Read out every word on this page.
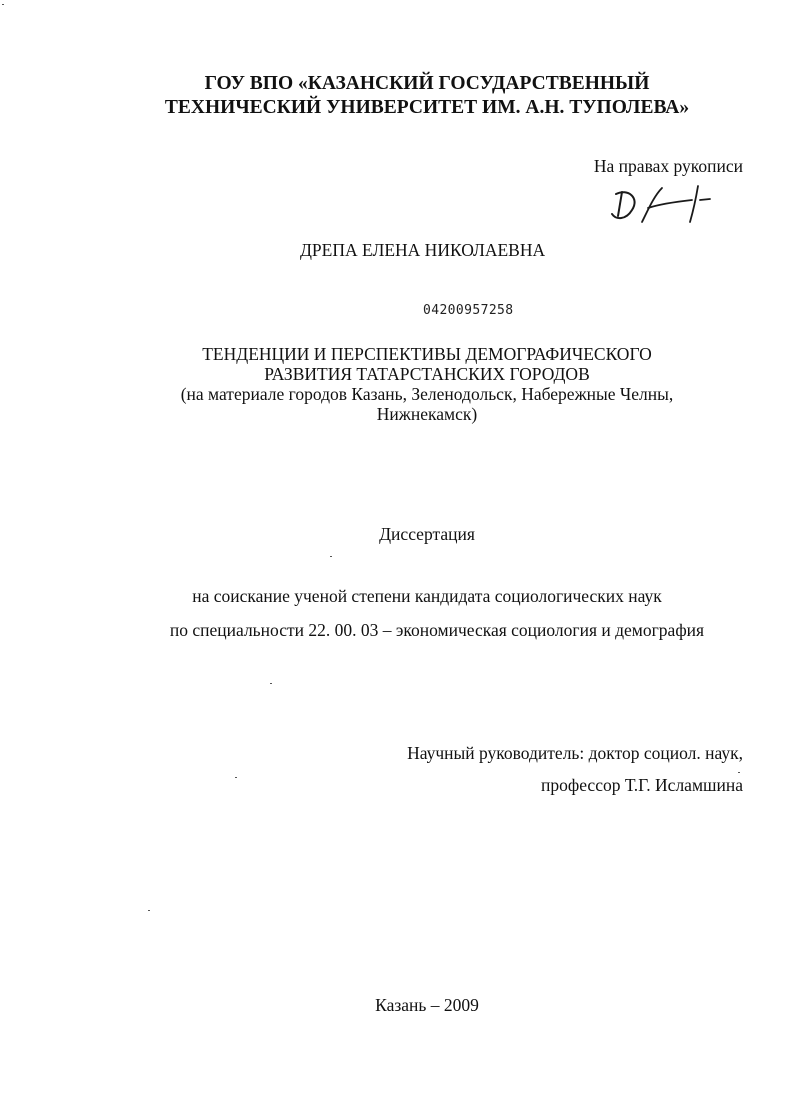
ГОУ ВПО «КАЗАНСКИЙ ГОСУДАРСТВЕННЫЙ
ТЕХНИЧЕСКИЙ УНИВЕРСИТЕТ ИМ. А.Н. ТУПОЛЕВА»
На правах рукописи
ДРЕПА ЕЛЕНА НИКОЛАЕВНА
04200957258
ТЕНДЕНЦИИ И ПЕРСПЕКТИВЫ ДЕМОГРАФИЧЕСКОГО
РАЗВИТИЯ ТАТАРСТАНСКИХ ГОРОДОВ
(на материале городов Казань, Зеленодольск, Набережные Челны,
Нижнекамск)
Диссертация
на соискание ученой степени кандидата социологических наук
по специальности 22. 00. 03 – экономическая социология и демография
Научный руководитель: доктор социол. наук,
профессор Т.Г. Исламшина
Казань – 2009
